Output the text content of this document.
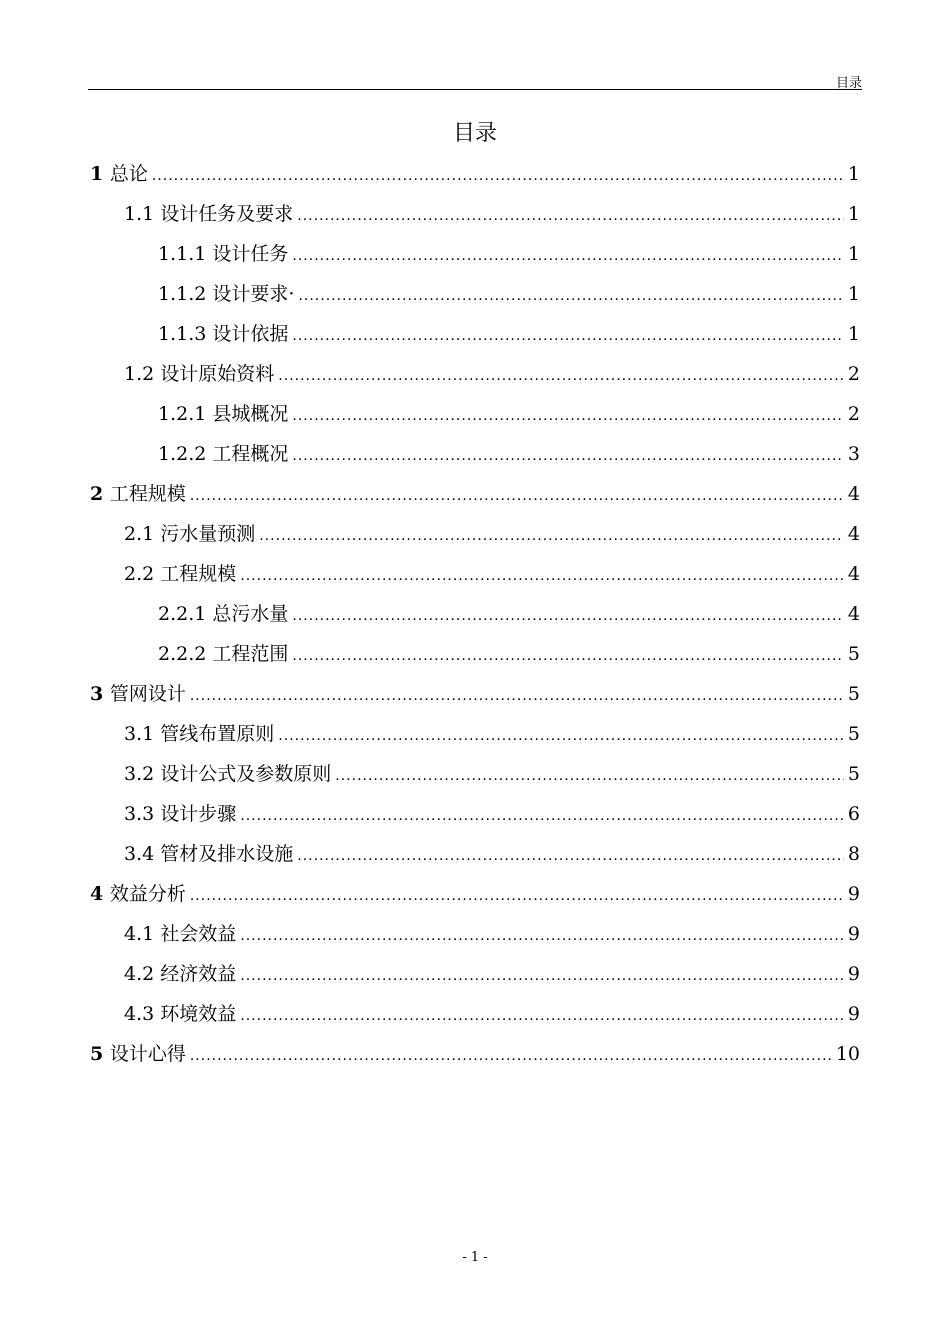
目录
目录
1 总论 .....	1
1.1 设计任务及要求 .....	1
1.1.1 设计任务 .....	1
1.1.2 设计要求· .....	1
1.1.3 设计依据 .....	1
1.2 设计原始资料 .....	2
1.2.1 县城概况 .....	2
1.2.2 工程概况 .....	3
2 工程规模 .....	4
2.1 污水量预测 .....	4
2.2 工程规模 .....	4
2.2.1 总污水量 .....	4
2.2.2 工程范围 .....	5
3 管网设计 .....	5
3.1 管线布置原则 .....	5
3.2 设计公式及参数原则 .....	5
3.3 设计步骤 .....	6
3.4 管材及排水设施 .....	8
4 效益分析 .....	9
4.1 社会效益 .....	9
4.2 经济效益 .....	9
4.3 环境效益 .....	9
5 设计心得 .....	10
- 1 -
